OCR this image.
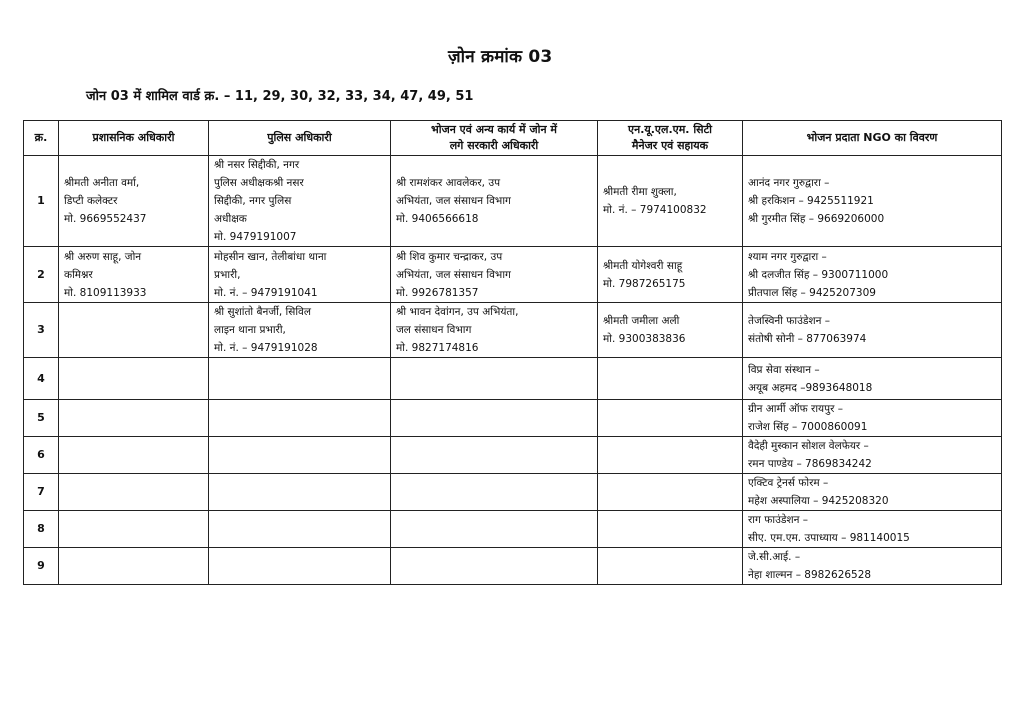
ज़ोन क्रमांक 03
जोन 03 में शामिल वार्ड क्र. – 11, 29, 30, 32, 33, 34, 47, 49, 51
क्र.	प्रशासनिक अधिकारी	पुलिस अधिकारी	भोजन एवं अन्य कार्य में जोन में
लगे सरकारी अधिकारी	एन.यू.एल.एम. सिटी
मैनेजर एवं सहायक	भोजन प्रदाता NGO का विवरण
1	श्रीमती अनीता वर्मा,
डिप्टी कलेक्टर
मो. 9669552437	श्री नसर सिद्दीकी, नगर
पुलिस अधीक्षकश्री नसर
सिद्दीकी, नगर पुलिस
अधीक्षक
मो. 9479191007	श्री रामशंकर आवलेकर, उप
अभियंता, जल संसाधन विभाग
मो. 9406566618	श्रीमती रीमा शुक्ला,
मो. नं. – 7974100832	आनंद नगर गुरुद्वारा –
श्री हरकिशन – 9425511921
श्री गुरमीत सिंह – 9669206000

2	श्री अरुण साहू, जोन
कमिश्नर
मो. 8109113933	मोहसीन खान, तेलीबांधा थाना
प्रभारी,
मो. नं. – 9479191041	श्री शिव कुमार चन्द्राकर, उप
अभियंता, जल संसाधन विभाग
मो. 9926781357	श्रीमती योगेश्वरी साहू
मो. 7987265175	श्याम नगर गुरुद्वारा –
श्री दलजीत सिंह – 9300711000
प्रीतपाल सिंह – 9425207309

3		श्री सुशांतो बैनर्जी, सिविल
लाइन थाना प्रभारी,
मो. नं. – 9479191028	श्री भावन देवांगन, उप अभियंता,
जल संसाधन विभाग
मो. 9827174816	श्रीमती जमीला अली
मो. 9300383836	तेजस्विनी फाउंडेशन –
संतोषी सोनी – 877063974

4					विप्र सेवा संस्थान –
अयूब अहमद –9893648018

5					ग्रीन आर्मी ऑफ रायपुर –
राजेश सिंह – 7000860091

6					वैदेही मुस्कान सोशल वेलफेयर –
रमन पाण्डेय – 7869834242

7					एक्टिव ट्रेनर्स फोरम –
महेश अस्पालिया – 9425208320

8					राग फाउंडेशन –
सीए. एम.एम. उपाध्याय – 981140015

9					जे.सी.आई. –
नेहा शाल्मन – 8982626528
